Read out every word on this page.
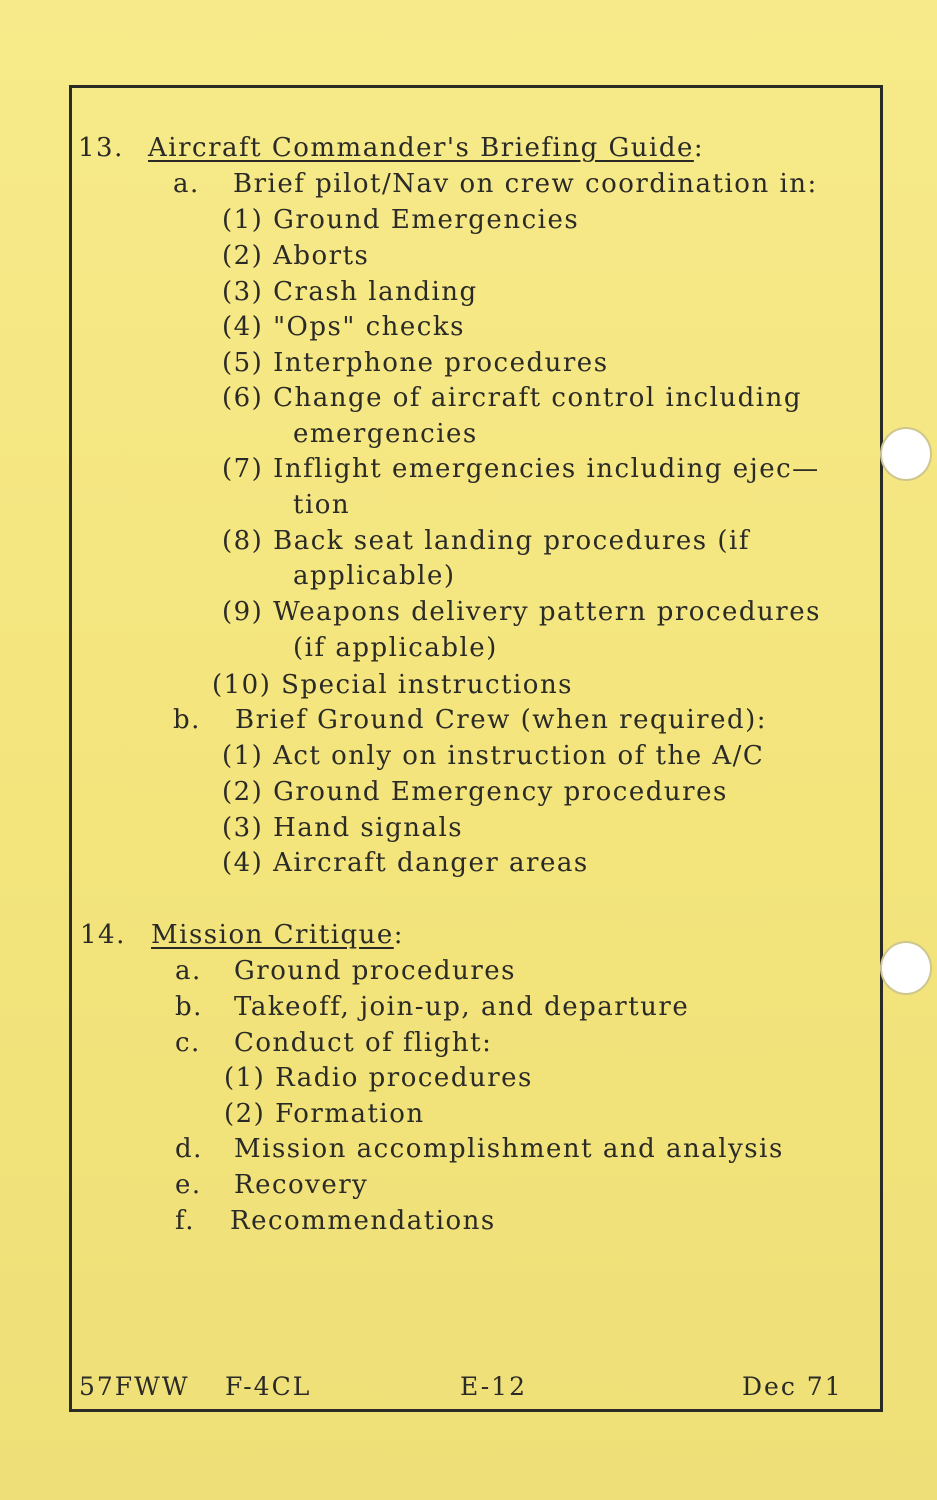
13. Aircraft Commander's Briefing Guide:
a. Brief pilot/Nav on crew coordination in:
(1) Ground Emergencies
(2) Aborts
(3) Crash landing
(4) "Ops" checks
(5) Interphone procedures
(6) Change of aircraft control including
emergencies
(7) Inflight emergencies including ejec—
tion
(8) Back seat landing procedures (if
applicable)
(9) Weapons delivery pattern procedures
(if applicable)
(10) Special instructions
b. Brief Ground Crew (when required):
(1) Act only on instruction of the A/C
(2) Ground Emergency procedures
(3) Hand signals
(4) Aircraft danger areas
14. Mission Critique:
a. Ground procedures
b. Takeoff, join-up, and departure
c. Conduct of flight:
(1) Radio procedures
(2) Formation
d. Mission accomplishment and analysis
e. Recovery
f. Recommendations
57FWW F-4CL	E-12	Dec 71
